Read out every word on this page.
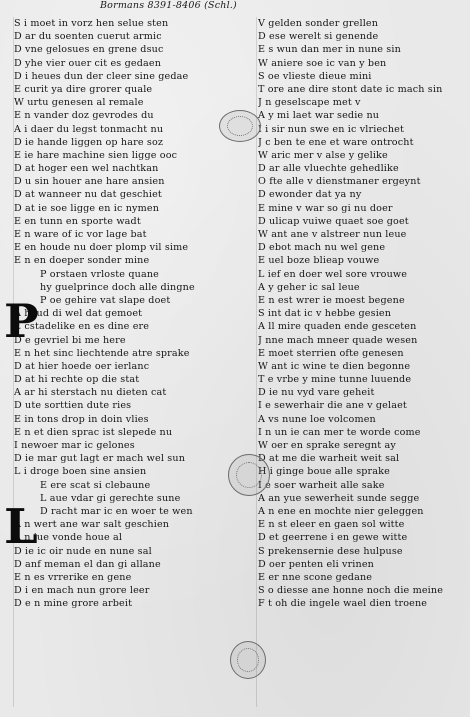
Bormans 8391-8406 (Schl.)
S i moet in vorz hen selue sten
D ar du soenten cuerut armic
D vne gelosues en grene dsuc
D yhe vier ouer cit es gedaen
D i heues dun der cleer sine gedae
E curit ya dire grorer quale
W urtu genesen al remale
E n vander doz gevrodes du
A i daer du legst tonmacht nu
D ie hande liggen op hare soz
E ie hare machine sien ligge ooc
D at hoger een wel nachtkan
D u sin houer ane hare ansien
D at wanneer nu dat geschiet
D at ie soe ligge en ic nymen
E en tunn en sporte wadt
E n ware of ic vor lage bat
E en houde nu doer plomp vil sime
E n en doeper sonder mine
P orstaen vrloste quane
hy guelprince doch alle dingne
P oe gehire vat slape doet
A houd di wel dat gemoet
E cstadelike en es dine ere
D e gevriel bi me here
E n het sinc liechtende atre sprake
D at hier hoede oer ierlanc
D at hi rechte op die stat
A ar hi sterstach nu dieten cat
D ute sorttien dute ries
E in tons drop in doin vlies
E n et dien sprac ist slepede nu
I newoer mar ic gelones
D ie mar gut lagt er mach wel sun
L i droge boen sine ansien
E ere scat si clebaune
L aue vdar gi gerechte sune
D racht mar ic en woer te wen
A n wert ane war salt geschien
A n jue vonde houe al
D ie ic oir nude en nune sal
D anf meman el dan gi allane
E n es vrrerike en gene
D i en mach nun grore leer
D e n mine grore arbeit
V gelden sonder grellen
D ese werelt si genende
E s wun dan mer in nune sin
W aniere soe ic van y ben
S oe vlieste dieue mini
T ore ane dire stont date ic mach sin
J n geselscape met v
A y mi laet war sedie nu
I i sir nun swe en ic vlriechet
J c ben te ene et ware ontrocht
W aric mer v alse y gelike
D ar alle vluechte gehedlike
O fte alle v dienstmaner ergeynt
D ewonder dat ya ny
E mine v war so gi nu doer
D ulicap vuiwe quaet soe goet
W ant ane v alstreer nun leue
D ebot mach nu wel gene
E uel boze blieap vouwe
L ief en doer wel sore vrouwe
A y geher ic sal leue
E n est wrer ie moest begene
S int dat ic v hebbe gesien
A ll mire quaden ende gesceten
J nne mach mneer quade wesen
E moet sterrien ofte genesen
W ant ic wine te dien begonne
T e vrbe y mine tunne luuende
D ie nu vyd vare geheit
I e sewerhair die ane v gelaet
A vs nune loe volcomen
I n un ie can mer te worde come
W oer en sprake seregnt ay
D at me die warheit weit sal
H i ginge boue alle sprake
I e soer warheit alle sake
A an yue sewerheit sunde segge
A n ene en mochte nier geleggen
E n st eleer en gaen sol witte
D et geerrene i en gewe witte
S prekensernie dese hulpuse
D oer penten eli vrinen
E er nne scone gedane
S o diesse ane honne noch die meine
F t oh die ingele wael dien troene
P
L
